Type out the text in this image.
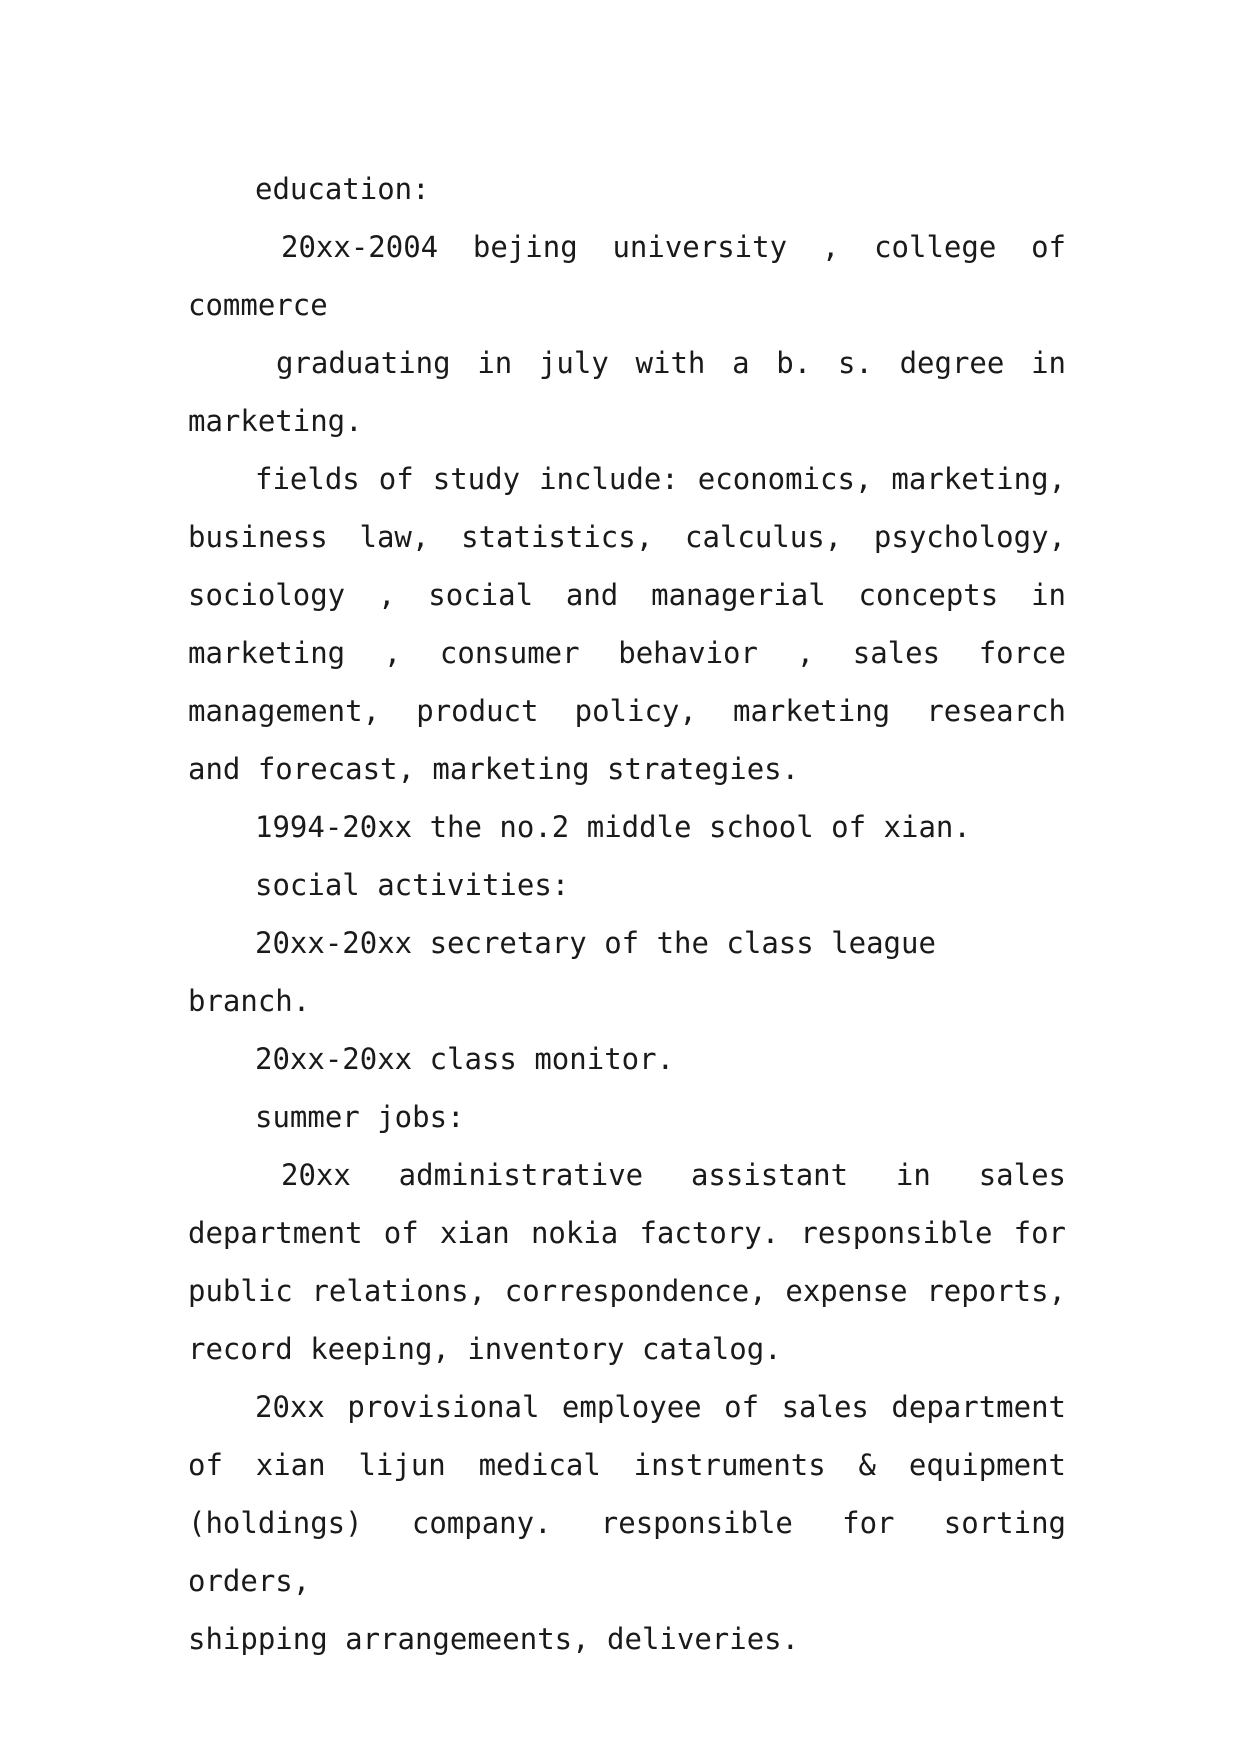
education:

20xx-2004 bejing university , college of

commerce

graduating in july with a b. s. degree in

marketing.

fields of study include: economics, marketing,

business law, statistics, calculus, psychology,

sociology , social and managerial concepts in

marketing , consumer behavior , sales force

management, product policy, marketing research

and forecast, marketing strategies.

1994-20xx the no.2 middle school of xian.

social activities:

20xx-20xx secretary of the class league branch.

20xx-20xx class monitor.

summer jobs:

20xx administrative assistant in sales

department of xian nokia factory. responsible for

public relations, correspondence, expense reports,

record keeping, inventory catalog.

20xx provisional employee of sales department

of xian lijun medical instruments & equipment

(holdings) company. responsible for sorting orders,

shipping arrangemeents, deliveries.
